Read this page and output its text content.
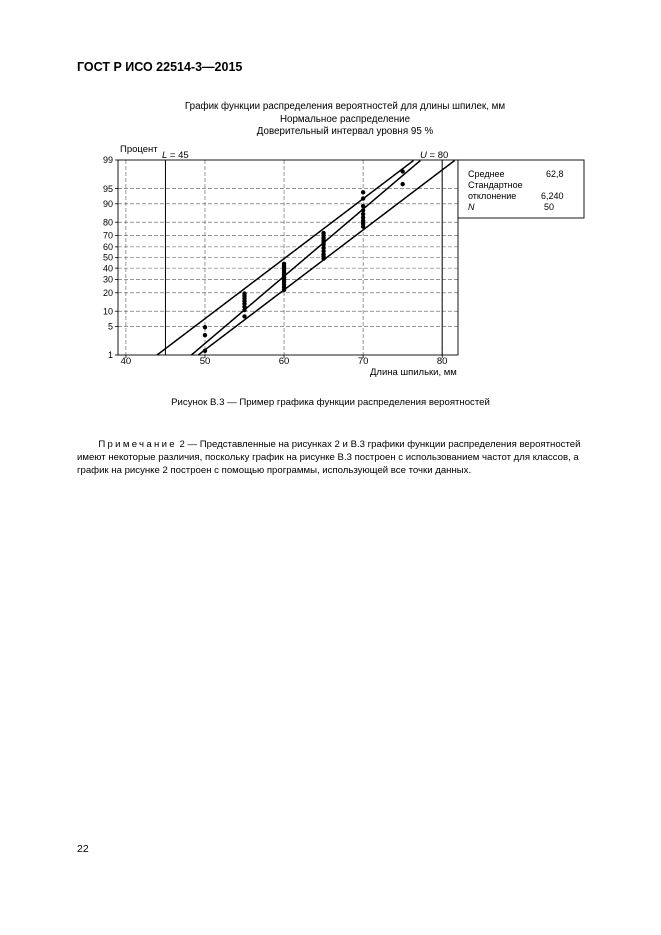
ГОСТ Р ИСО 22514-3—2015
График функции распределения вероятностей для длины шпилек, мм
Нормальное распределение
Доверительный интервал уровня 95 %
1
5
10
20
30
40
50
60
70
80
90
95
99
40	50	60	70	80
Процент
Длина шпильки, мм
L = 45	U = 80
Среднее	62,8
Стандартное
отклонение	6,240
N	50
Рисунок В.3 — Пример графика функции распределения вероятностей
Примечание 2 — Представленные на рисунках 2 и В.3 графики функции распределения вероятностей
имеют некоторые различия, поскольку график на рисунке В.3 построен с использованием частот для классов, а
график на рисунке 2 построен с помощью программы, использующей все точки данных.
22
